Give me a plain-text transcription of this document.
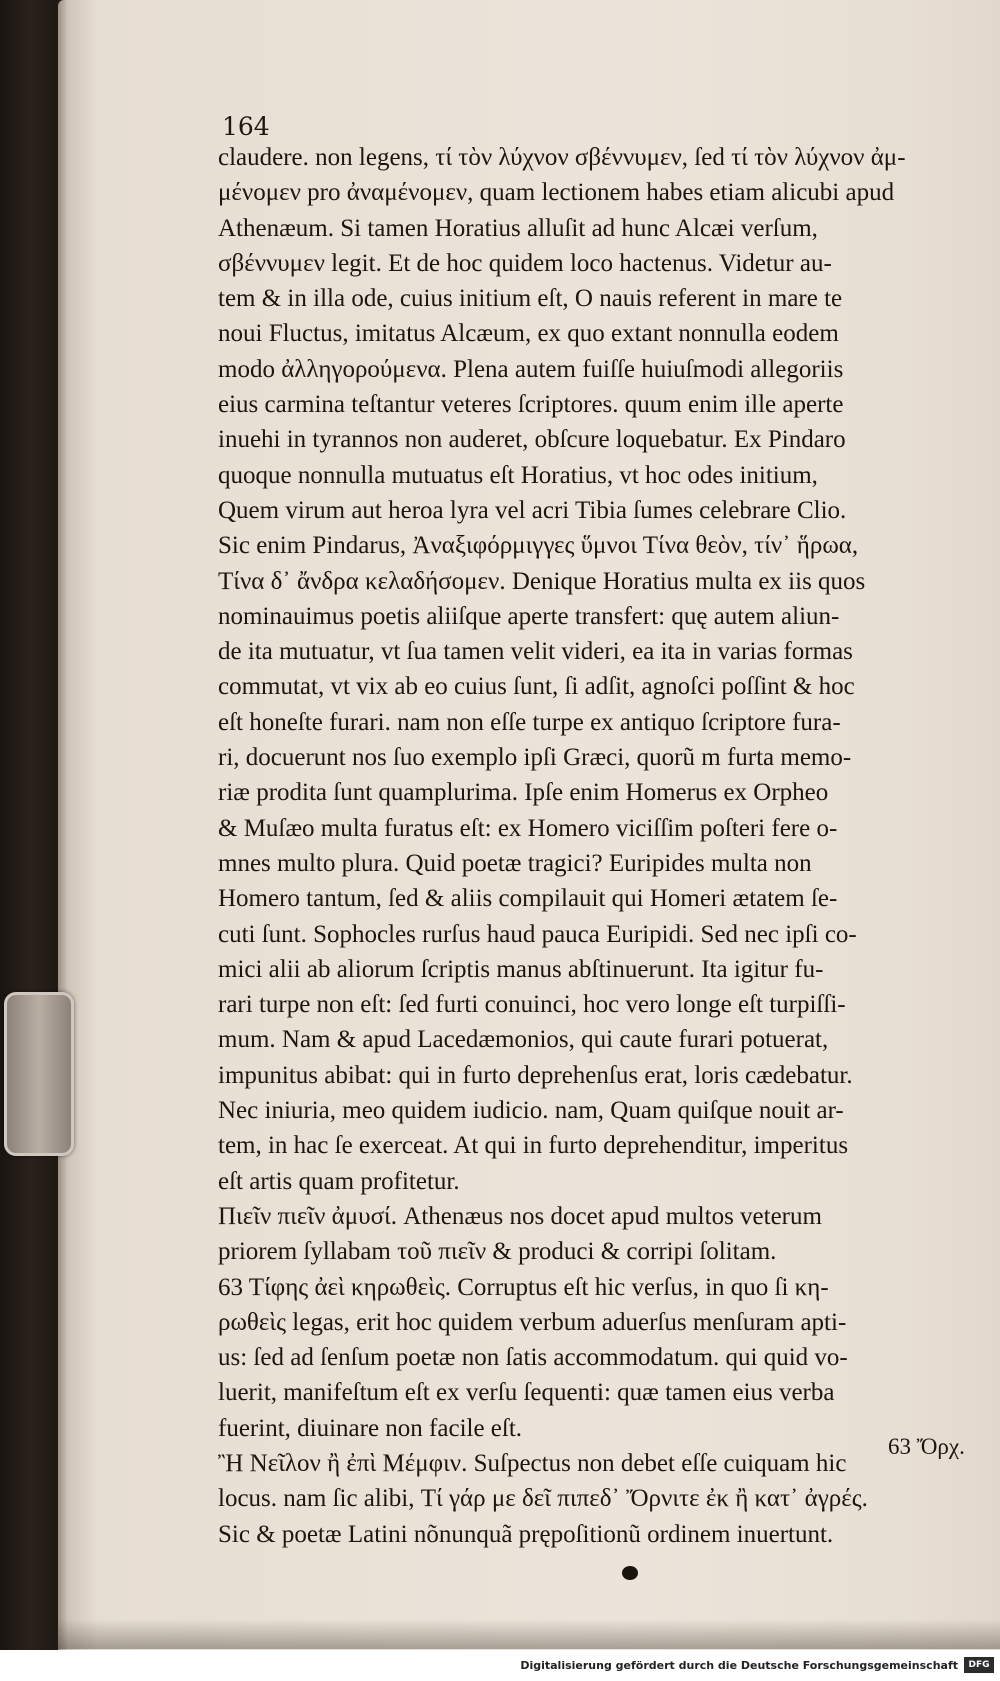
164
claudere. non legens, τί τὸν λύχνον σβέννυμεν, ſed τί τὸν λύχνον ἀμ-
μένομεν pro ἀναμένομεν, quam lectionem habes etiam alicubi apud
Athenæum. Si tamen Horatius alluſit ad hunc Alcæi verſum,
σβέννυμεν legit. Et de hoc quidem loco hactenus. Videtur au-
tem & in illa ode, cuius initium eſt, O nauis referent in mare te
noui Fluctus, imitatus Alcæum, ex quo extant nonnulla eodem
modo ἀλληγορούμενα. Plena autem fuiſſe huiuſmodi allegoriis
eius carmina teſtantur veteres ſcriptores. quum enim ille aperte
inuehi in tyrannos non auderet, obſcure loquebatur. Ex Pindaro
quoque nonnulla mutuatus eſt Horatius, vt hoc odes initium,
Quem virum aut heroa lyra vel acri Tibia ſumes celebrare Clio.
Sic enim Pindarus, Ἀναξιφόρμιγγες ὕμνοι Τίνα θεὸν, τίν᾽ ἥρωα,
Τίνα δ᾽ ἄνδρα κελαδήσομεν. Denique Horatius multa ex iis quos
nominauimus poetis aliiſque aperte transfert: quę autem aliun-
de ita mutuatur, vt ſua tamen velit videri, ea ita in varias formas
commutat, vt vix ab eo cuius ſunt, ſi adſit, agnoſci poſſint & hoc
eſt honeſte furari. nam non eſſe turpe ex antiquo ſcriptore fura-
ri, docuerunt nos ſuo exemplo ipſi Græci, quorũ m furta memo-
riæ prodita ſunt quamplurima. Ipſe enim Homerus ex Orpheo
& Muſæo multa furatus eſt: ex Homero viciſſim poſteri fere o-
mnes multo plura. Quid poetæ tragici? Euripides multa non
Homero tantum, ſed & aliis compilauit qui Homeri ætatem ſe-
cuti ſunt. Sophocles rurſus haud pauca Euripidi. Sed nec ipſi co-
mici alii ab aliorum ſcriptis manus abſtinuerunt. Ita igitur fu-
rari turpe non eſt: ſed furti conuinci, hoc vero longe eſt turpiſſi-
mum. Nam & apud Lacedæmonios, qui caute furari potuerat,
impunitus abibat: qui in furto deprehenſus erat, loris cædebatur.
Nec iniuria, meo quidem iudicio. nam, Quam quiſque nouit ar-
tem, in hac ſe exerceat. At qui in furto deprehenditur, imperitus
eſt artis quam profitetur.
Πιεῖν πιεῖν ἀμυσί. Athenæus nos docet apud multos veterum
priorem ſyllabam τοῦ πιεῖν & produci & corripi ſolitam.
63 Τίφης ἀεὶ κηρωθεὶς. Corruptus eſt hic verſus, in quo ſi κη-
ρωθεὶς legas, erit hoc quidem verbum aduerſus menſuram apti-
us: ſed ad ſenſum poetæ non ſatis accommodatum. qui quid vo-
luerit, manifeſtum eſt ex verſu ſequenti: quæ tamen eius verba
fuerint, diuinare non facile eſt.
Ἢ Νεῖλον ἢ ἐπὶ Μέμφιν. Suſpectus non debet eſſe cuiquam hic
locus. nam ſic alibi, Τί γάρ με δεῖ πιπεδ᾽ Ὄρνιτε ἐκ ἢ κατ᾽ ἀγρές.
Sic & poetæ Latini nõnunquã prępoſitionũ ordinem inuertunt.
63 Ὄρχ.
Digitalisierung gefördert durch die Deutsche Forschungsgemeinschaft	DFG
